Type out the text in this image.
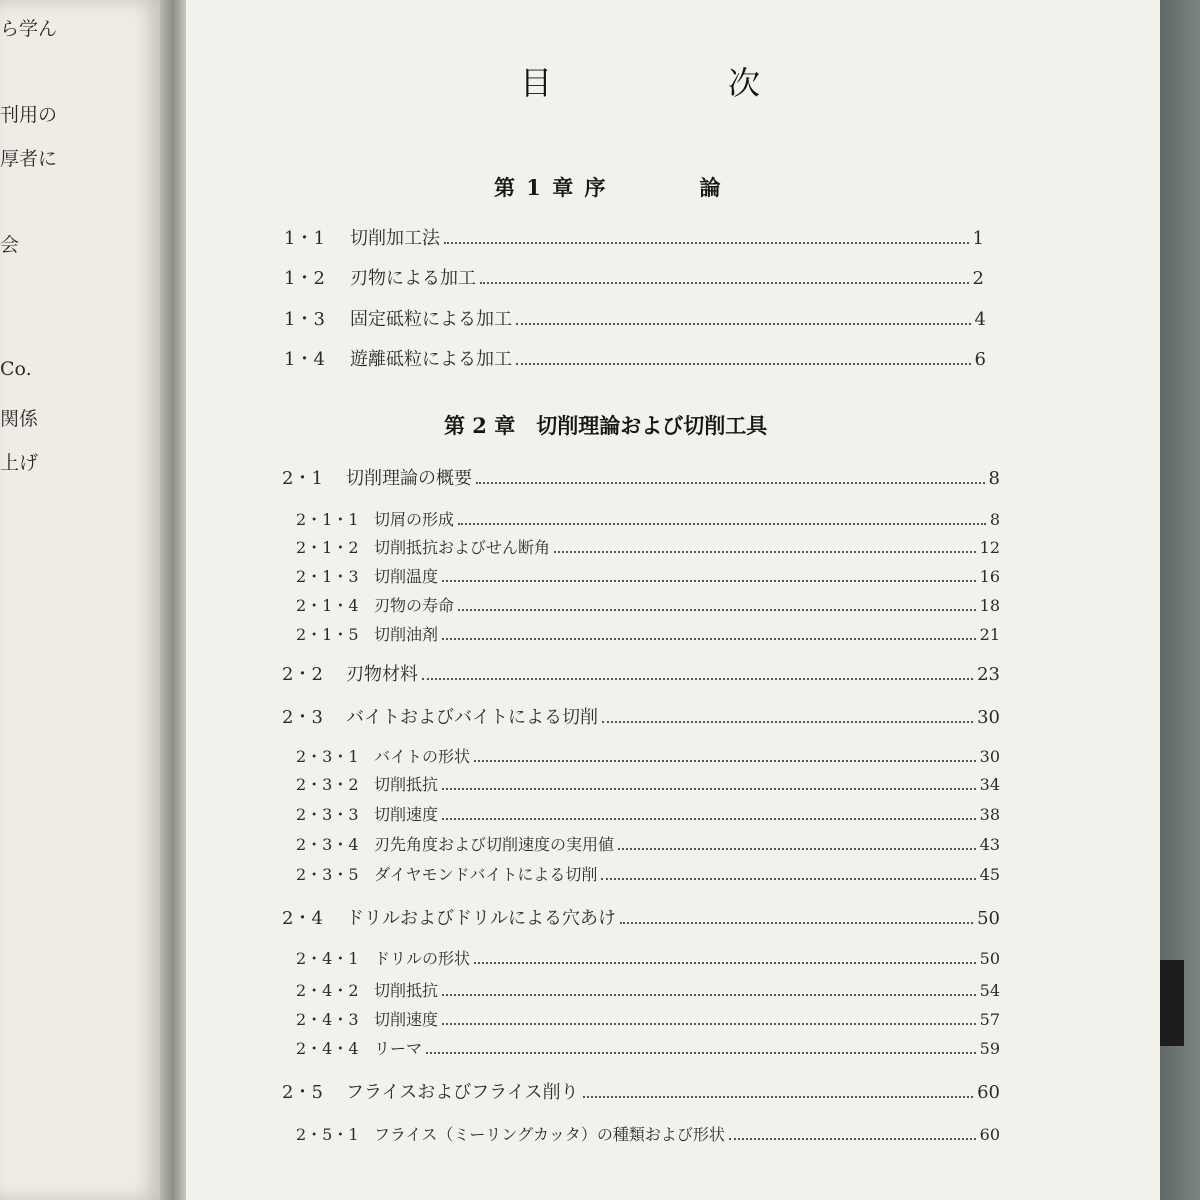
ら学ん
刊用の
厚者に
会
Co.
関係
上げ
目	次
第 1 章 序　　　　論
1・1	切削加工法	1
1・2	刃物による加工	2
1・3	固定砥粒による加工	4
1・4	遊離砥粒による加工	6
第 2 章　切削理論および切削工具
2・1	切削理論の概要	8
2・1・1 切屑の形成	8
2・1・2 切削抵抗およびせん断角	12
2・1・3 切削温度	16
2・1・4 刃物の寿命	18
2・1・5 切削油剤	21
2・2	刃物材料	23
2・3	バイトおよびバイトによる切削	30
2・3・1 バイトの形状	30
2・3・2 切削抵抗	34
2・3・3 切削速度	38
2・3・4 刃先角度および切削速度の実用値	43
2・3・5 ダイヤモンドバイトによる切削	45
2・4	ドリルおよびドリルによる穴あけ	50
2・4・1 ドリルの形状	50
2・4・2 切削抵抗	54
2・4・3 切削速度	57
2・4・4 リーマ	59
2・5	フライスおよびフライス削り	60
2・5・1 フライス（ミーリングカッタ）の種類および形状	60
